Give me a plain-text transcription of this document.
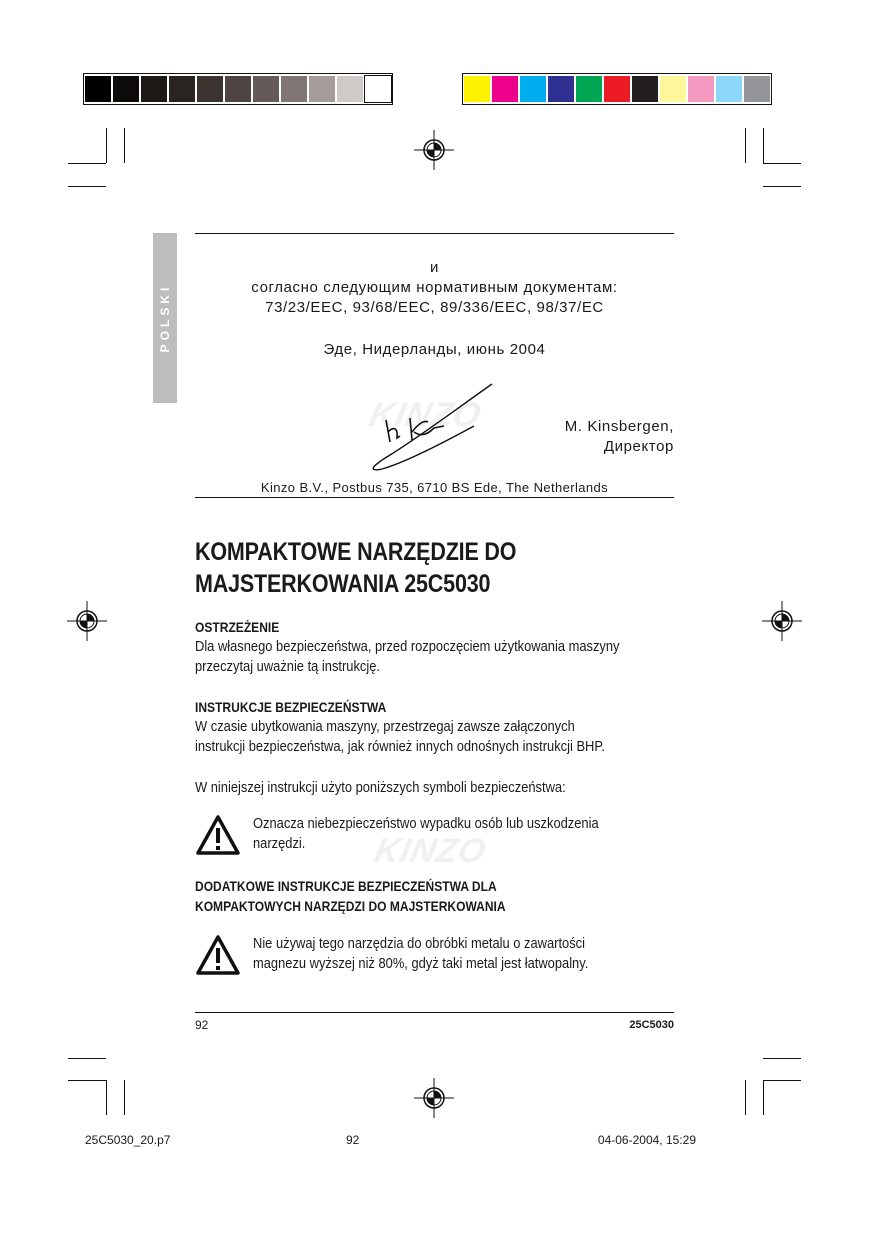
POLSKI
и
согласно следующим нормативным документам:
73/23/EEC, 93/68/EEC, 89/336/EEC, 98/37/EC
Эде, Нидерланды, июнь 2004
KINZO	M. Kinsbergen,
Директор
Kinzo B.V., Postbus 735, 6710 BS Ede, The Netherlands
KOMPAKTOWE NARZĘDZIE DO
MAJSTERKOWANIA 25C5030
OSTRZEŻENIE
Dla własnego bezpieczeństwa, przed rozpoczęciem użytkowania maszyny
przeczytaj uważnie tą instrukcję.
INSTRUKCJE BEZPIECZEŃSTWA
W czasie ubytkowania maszyny, przestrzegaj zawsze załączonych
instrukcji bezpieczeństwa, jak również innych odnośnych instrukcji BHP.
W niniejszej instrukcji użyto poniższych symboli bezpieczeństwa:
Oznacza niebezpieczeństwo wypadku osób lub uszkodzenia
narzędzi.	KINZO
DODATKOWE INSTRUKCJE BEZPIECZEŃSTWA DLA
KOMPAKTOWYCH NARZĘDZI DO MAJSTERKOWANIA
Nie używaj tego narzędzia do obróbki metalu o zawartości
magnezu wyższej niż 80%, gdyż taki metal jest łatwopalny.
92	25C5030
25C5030_20.p7	92	04-06-2004, 15:29
